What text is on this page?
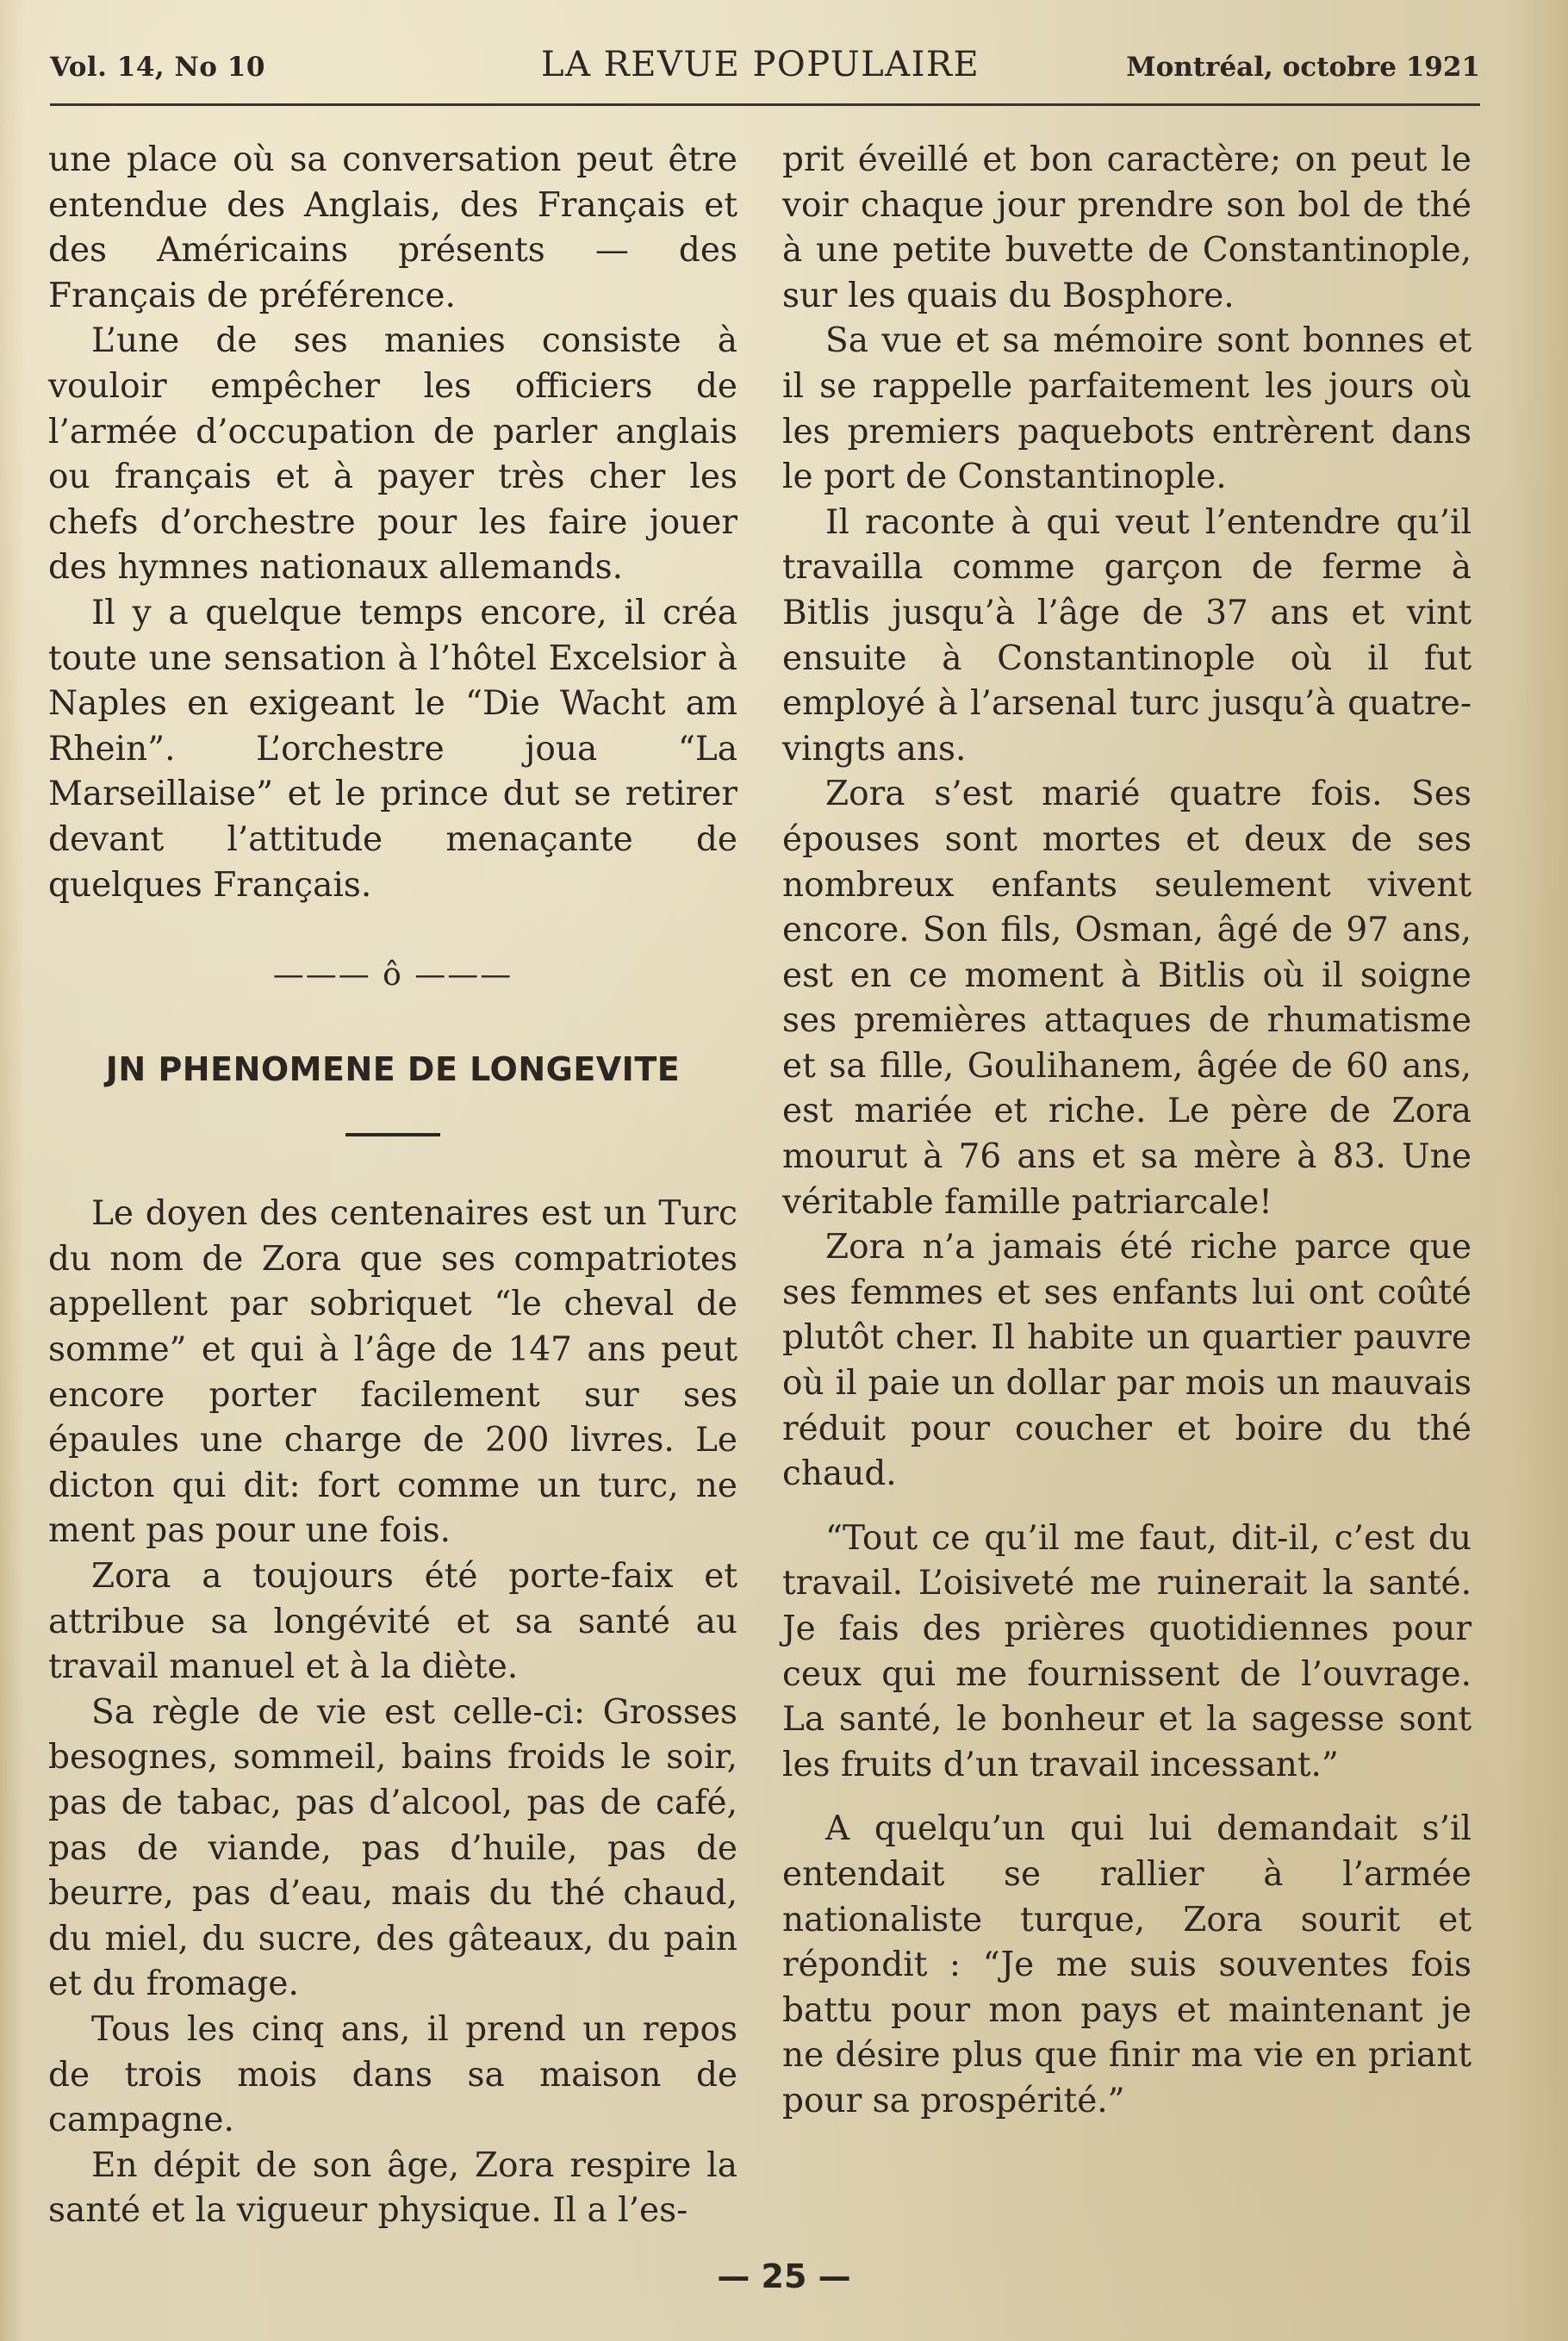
Vol. 14, No 10	LA REVUE POPULAIRE	Montréal, octobre 1921

une place où sa conversation peut être entendue des Anglais, des Français et des Américains présents — des Français de préférence.

L’une de ses manies consiste à vouloir empêcher les officiers de l’armée d’occupation de parler anglais ou français et à payer très cher les chefs d’orchestre pour les faire jouer des hymnes nationaux allemands.

Il y a quelque temps encore, il créa toute une sensation à l’hôtel Excelsior à Naples en exigeant le “Die Wacht am Rhein”. L’orchestre joua “La Marseillaise” et le prince dut se retirer devant l’attitude menaçante de quelques Français.

——— ô ———
JN PHENOMENE DE LONGEVITE

Le doyen des centenaires est un Turc du nom de Zora que ses compatriotes appellent par sobriquet “le cheval de somme” et qui à l’âge de 147 ans peut encore porter facilement sur ses épaules une charge de 200 livres. Le dicton qui dit: fort comme un turc, ne ment pas pour une fois.

Zora a toujours été porte-faix et attribue sa longévité et sa santé au travail manuel et à la diète.

Sa règle de vie est celle-ci: Grosses besognes, sommeil, bains froids le soir, pas de tabac, pas d’alcool, pas de café, pas de viande, pas d’huile, pas de beurre, pas d’eau, mais du thé chaud, du miel, du sucre, des gâteaux, du pain et du fromage.

Tous les cinq ans, il prend un repos de trois mois dans sa maison de campagne.

En dépit de son âge, Zora respire la santé et la vigueur physique. Il a l’es-

prit éveillé et bon caractère; on peut le voir chaque jour prendre son bol de thé à une petite buvette de Constantinople, sur les quais du Bosphore.

Sa vue et sa mémoire sont bonnes et il se rappelle parfaitement les jours où les premiers paquebots entrèrent dans le port de Constantinople.

Il raconte à qui veut l’entendre qu’il travailla comme garçon de ferme à Bitlis jusqu’à l’âge de 37 ans et vint ensuite à Constantinople où il fut employé à l’arsenal turc jusqu’à quatre-vingts ans.

Zora s’est marié quatre fois. Ses épouses sont mortes et deux de ses nombreux enfants seulement vivent encore. Son fils, Osman, âgé de 97 ans, est en ce moment à Bitlis où il soigne ses premières attaques de rhumatisme et sa fille, Goulihanem, âgée de 60 ans, est mariée et riche. Le père de Zora mourut à 76 ans et sa mère à 83. Une véritable famille patriarcale!

Zora n’a jamais été riche parce que ses femmes et ses enfants lui ont coûté plutôt cher. Il habite un quartier pauvre où il paie un dollar par mois un mauvais réduit pour coucher et boire du thé chaud.

“Tout ce qu’il me faut, dit-il, c’est du travail. L’oisiveté me ruinerait la santé. Je fais des prières quotidiennes pour ceux qui me fournissent de l’ouvrage. La santé, le bonheur et la sagesse sont les fruits d’un travail incessant.”

A quelqu’un qui lui demandait s’il entendait se rallier à l’armée nationaliste turque, Zora sourit et répondit : “Je me suis souventes fois battu pour mon pays et maintenant je ne désire plus que finir ma vie en priant pour sa prospérité.”

— 25 —
